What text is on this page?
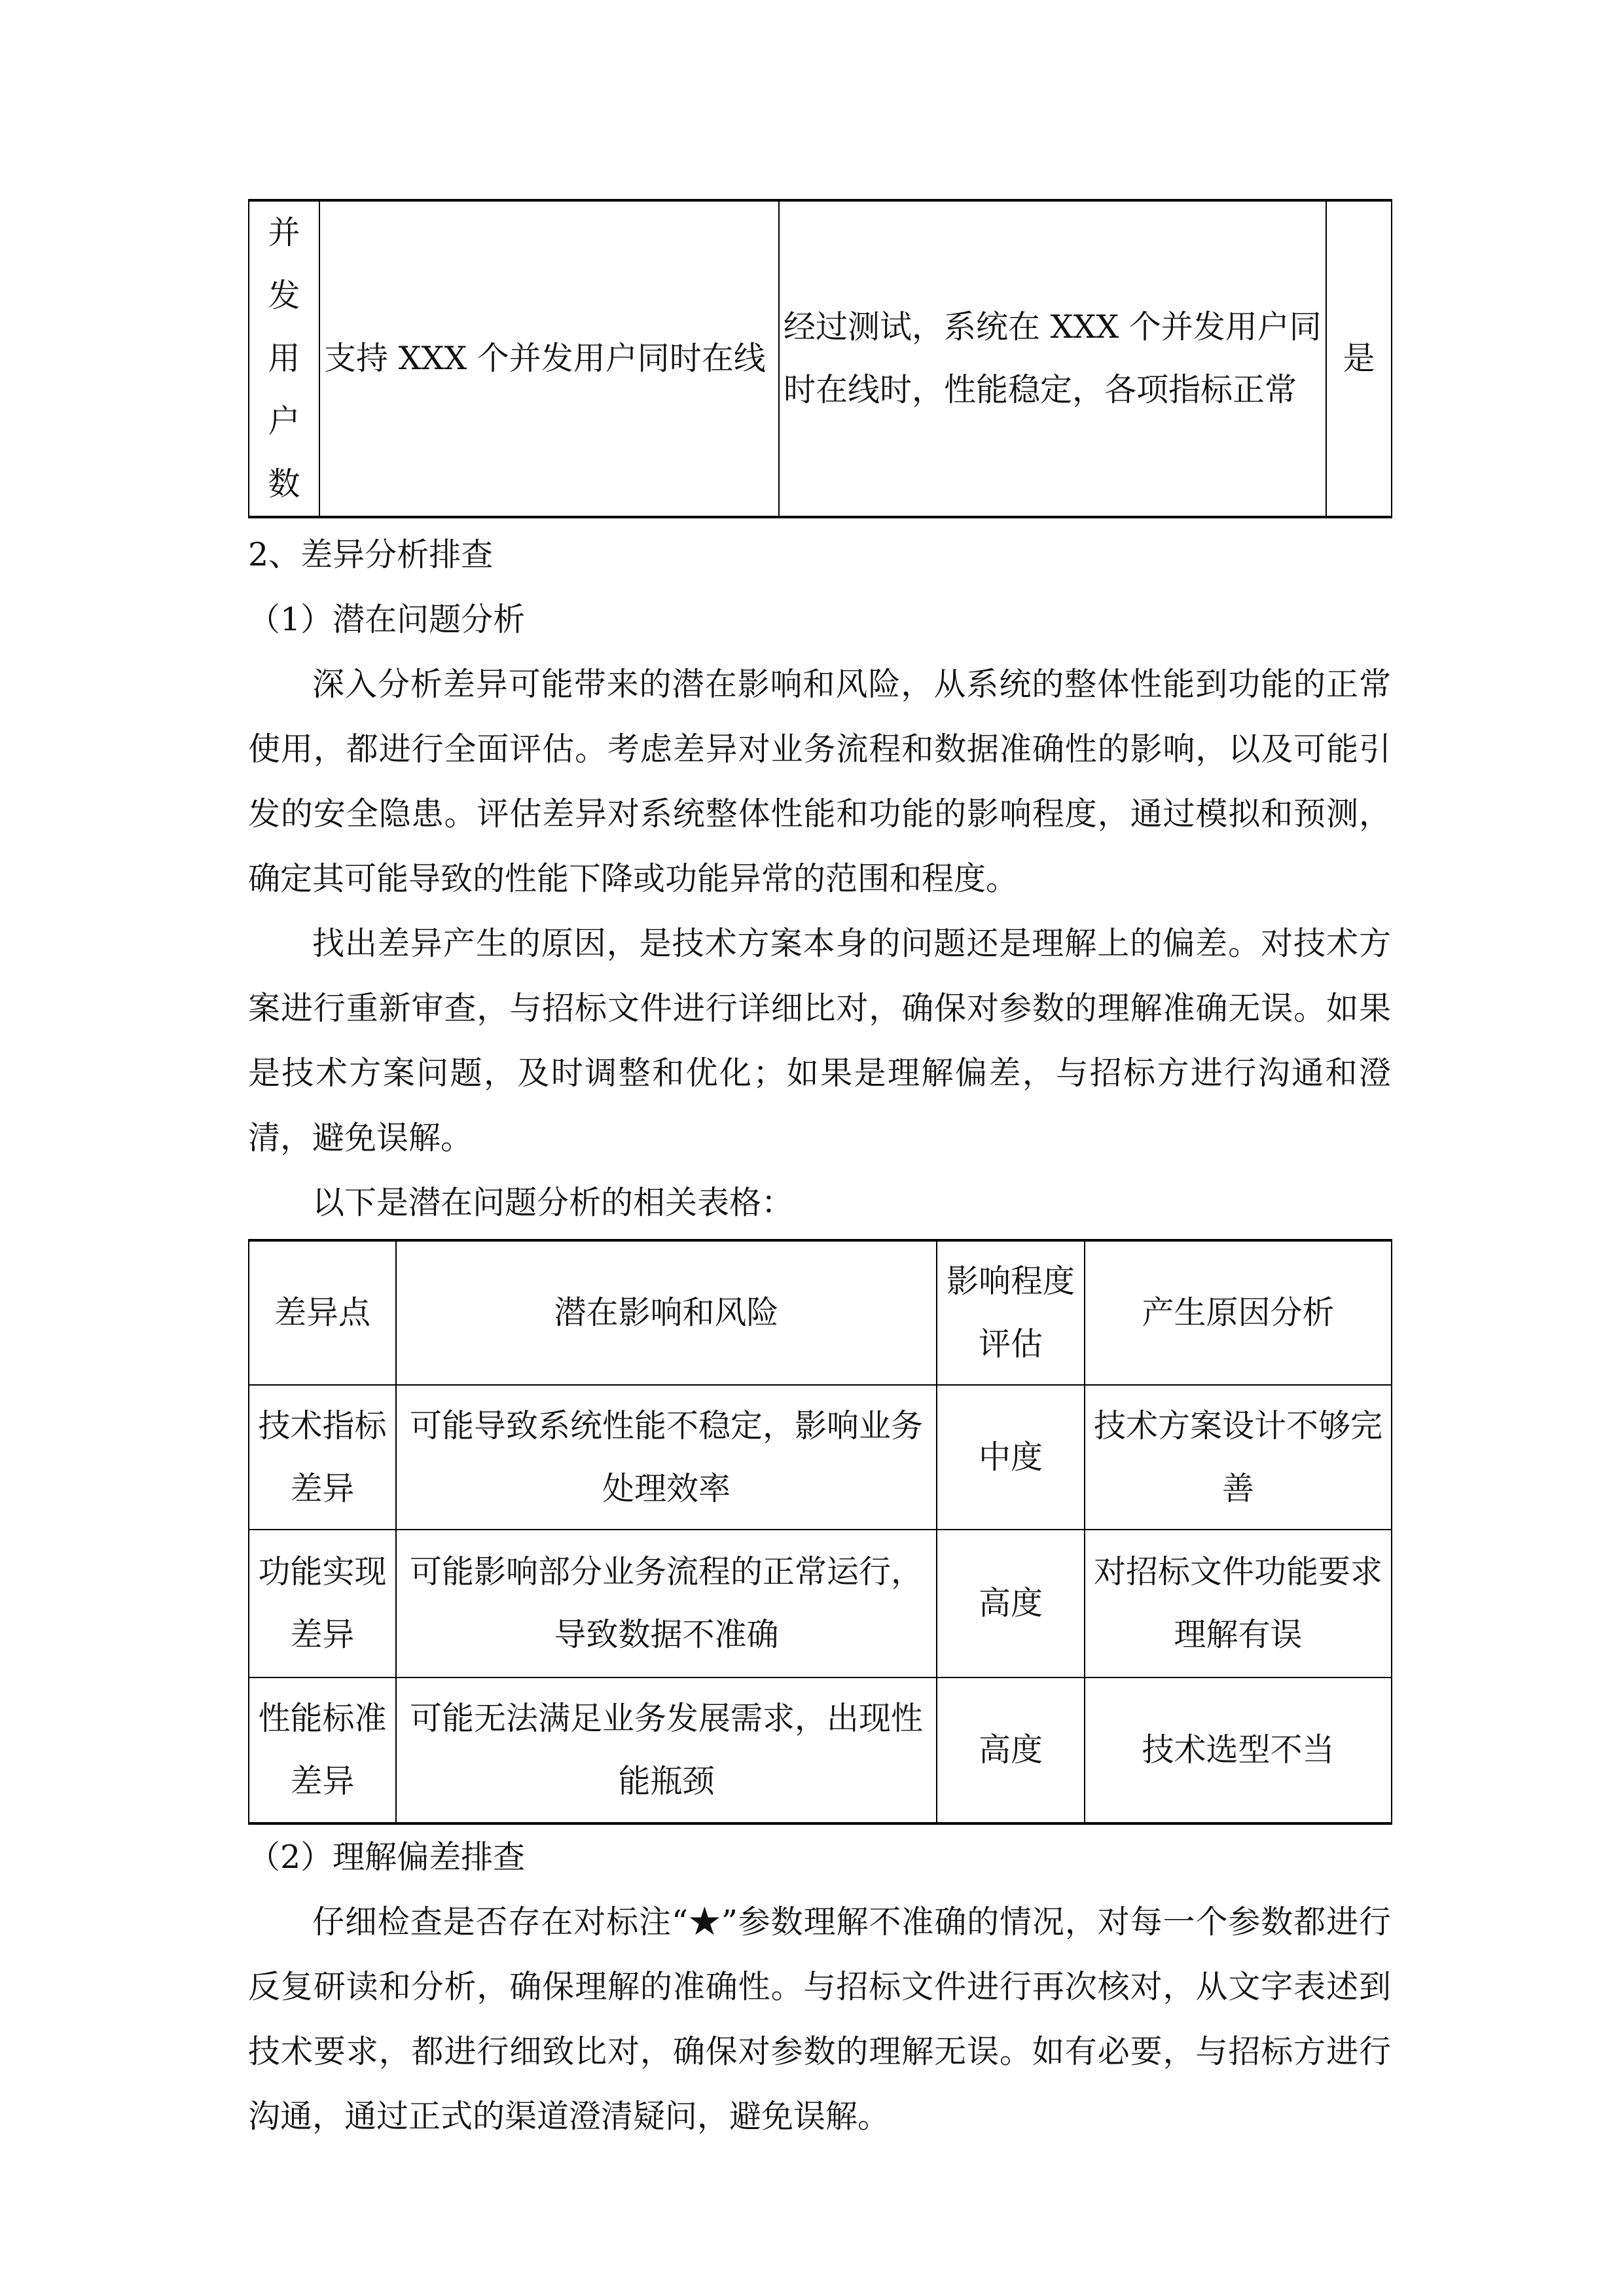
并发用户数	支持 XXX 个并发用户同时在线	经过测试，系统在 XXX 个并发用户同时在线时，性能稳定，各项指标正常	是
2、差异分析排查
（1）潜在问题分析

深入分析差异可能带来的潜在影响和风险，从系统的整体性能到功能的正常使用，都进行全面评估。考虑差异对业务流程和数据准确性的影响，以及可能引发的安全隐患。评估差异对系统整体性能和功能的影响程度，通过模拟和预测，确定其可能导致的性能下降或功能异常的范围和程度。

找出差异产生的原因，是技术方案本身的问题还是理解上的偏差。对技术方案进行重新审查，与招标文件进行详细比对，确保对参数的理解准确无误。如果是技术方案问题，及时调整和优化；如果是理解偏差，与招标方进行沟通和澄清，避免误解。

以下是潜在问题分析的相关表格：

差异点	潜在影响和风险	影响程度评估	产生原因分析
技术指标差异	可能导致系统性能不稳定，影响业务处理效率	中度	技术方案设计不够完善
功能实现差异	可能影响部分业务流程的正常运行，导致数据不准确	高度	对招标文件功能要求理解有误
性能标准差异	可能无法满足业务发展需求，出现性能瓶颈	高度	技术选型不当
（2）理解偏差排查

仔细检查是否存在对标注“★”参数理解不准确的情况，对每一个参数都进行反复研读和分析，确保理解的准确性。与招标文件进行再次核对，从文字表述到技术要求，都进行细致比对，确保对参数的理解无误。如有必要，与招标方进行沟通，通过正式的渠道澄清疑问，避免误解。
